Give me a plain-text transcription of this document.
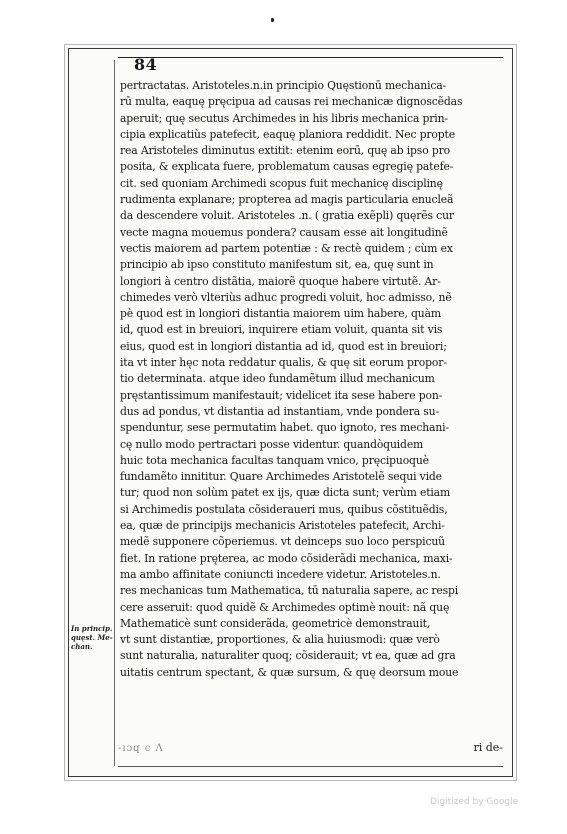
84
pertractatas. Aristoteles.n.in principio Quęstionū mechanica-
rū multa, eaquę pręcipua ad causas rei mechanicæ dignoscẽdas
aperuit; quę secutus Archimedes in his libris mechanica prin-
cipia explicatiùs patefecit, eaquę planiora reddidit. Nec propte
rea Aristoteles diminutus extitit: etenim eorū, quę ab ipso pro
posita, & explicata fuere, problematum causas egregię patefe-
cit. sed quoniam Archimedi scopus fuit mechanicę disciplinę
rudimenta explanare; propterea ad magis particularia enucleã
da descendere voluit. Aristoteles .n. ( gratia exẽpli) quęrẽs cur
vecte magna mouemus pondera? causam esse ait longitudinẽ
vectis maiorem ad partem potentiæ : & rectè quidem ; cùm ex
principio ab ipso constituto manifestum sit, ea, quę sunt in
longiori à centro distãtia, maiorẽ quoque habere virtutẽ. Ar-
chimedes verò vlteriùs adhuc progredi voluit, hoc admisso, nẽ
pè quod est in longiori distantia maiorem uim habere, quàm
id, quod est in breuiori, inquirere etiam voluit, quanta sit vis
eius, quod est in longiori distantia ad id, quod est in breuiori;
ita vt inter hęc nota reddatur qualis, & quę sit eorum propor-
tio determinata. atque ideo fundamẽtum illud mechanicum
pręstantissimum manifestauit; videlicet ita sese habere pon-
dus ad pondus, vt distantia ad instantiam, vnde pondera su-
spenduntur, sese permutatim habet. quo ignoto, res mechani-
cę nullo modo pertractari posse videntur. quandòquidem
huic tota mechanica facultas tanquam vnico, pręcipuoquè
fundamẽto innititur. Quare Archimedes Aristotelẽ sequi vide
tur; quod non solùm patet ex ijs, quæ dicta sunt; verùm etiam
si Archimedis postulata cõsideraueri mus, quibus cõstituẽdis,
ea, quæ de principijs mechanicis Aristoteles patefecit, Archi-
medẽ supponere cõperiemus. vt deinceps suo loco perspicuũ
fiet. In ratione pręterea, ac modo cõsiderãdi mechanica, maxi-
ma ambo affinitate coniuncti incedere videtur. Aristoteles.n.
res mechanicas tum Mathematica, tū naturalia sapere, ac respi
cere asseruit: quod quidẽ & Archimedes optimè nouit: nã quę
Mathematicè sunt considerãda, geometricè demonstrauit,
vt sunt distantiæ, proportiones, & alia huiusmodi: quæ verò
sunt naturalia, naturaliter quoq; cõsiderauit; vt ea, quæ ad gra
uitatis centrum spectant, & quæ sursum, & quę deorsum moue
In princip.
quęst. Me-
chan.
-ıɔq c Λ	ri de-
Digitized by Google
